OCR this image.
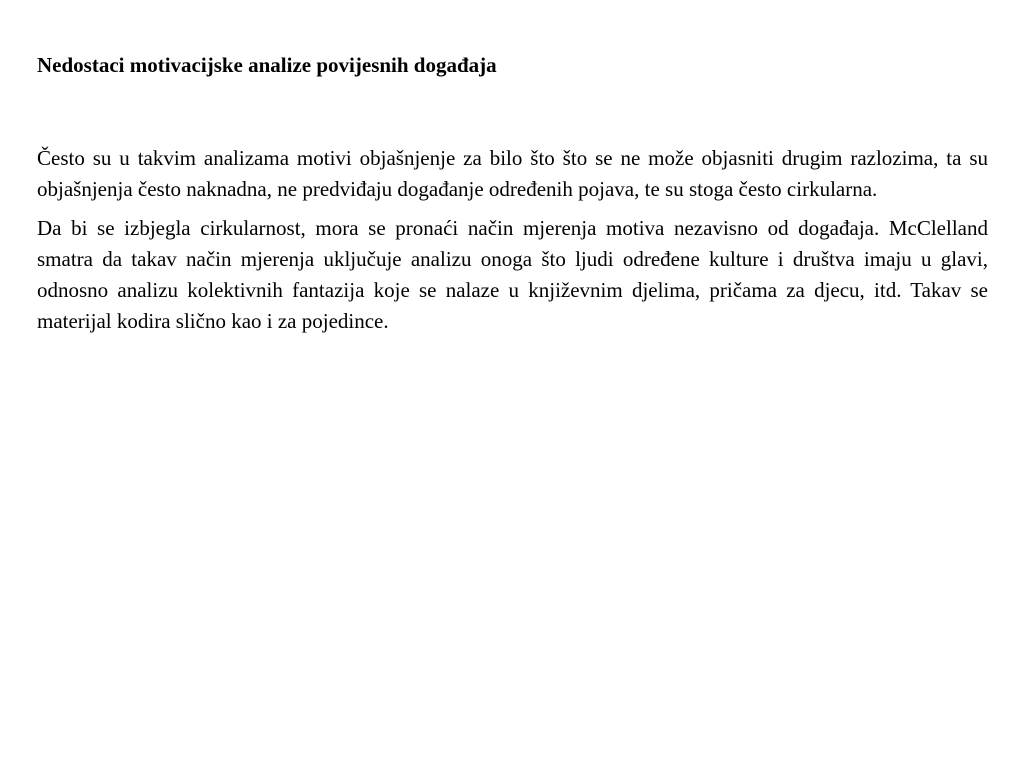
Nedostaci motivacijske analize povijesnih događaja

Često su u takvim analizama motivi objašnjenje za bilo što što se ne može objasniti drugim razlozima, ta su objašnjenja često naknadna, ne predviđaju događanje određenih pojava, te su stoga često cirkularna.

Da bi se izbjegla cirkularnost, mora se pronaći način mjerenja motiva nezavisno od događaja. McClelland smatra da takav način mjerenja uključuje analizu onoga što ljudi određene kulture i društva imaju u glavi, odnosno analizu kolektivnih fantazija koje se nalaze u književnim djelima, pričama za djecu, itd. Takav se materijal kodira slično kao i za pojedince.
